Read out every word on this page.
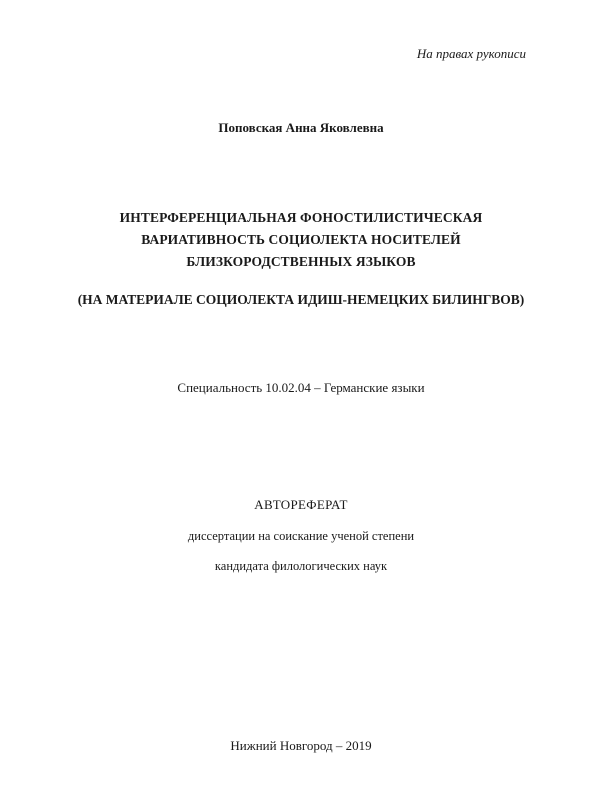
На правах рукописи
Поповская Анна Яковлевна
ИНТЕРФЕРЕНЦИАЛЬНАЯ ФОНОСТИЛИСТИЧЕСКАЯ
ВАРИАТИВНОСТЬ СОЦИОЛЕКТА НОСИТЕЛЕЙ
БЛИЗКОРОДСТВЕННЫХ ЯЗЫКОВ
(НА МАТЕРИАЛЕ СОЦИОЛЕКТА ИДИШ-НЕМЕЦКИХ БИЛИНГВОВ)
Специальность 10.02.04 – Германские языки
АВТОРЕФЕРАТ
диссертации на соискание ученой степени
кандидата филологических наук
Нижний Новгород – 2019
